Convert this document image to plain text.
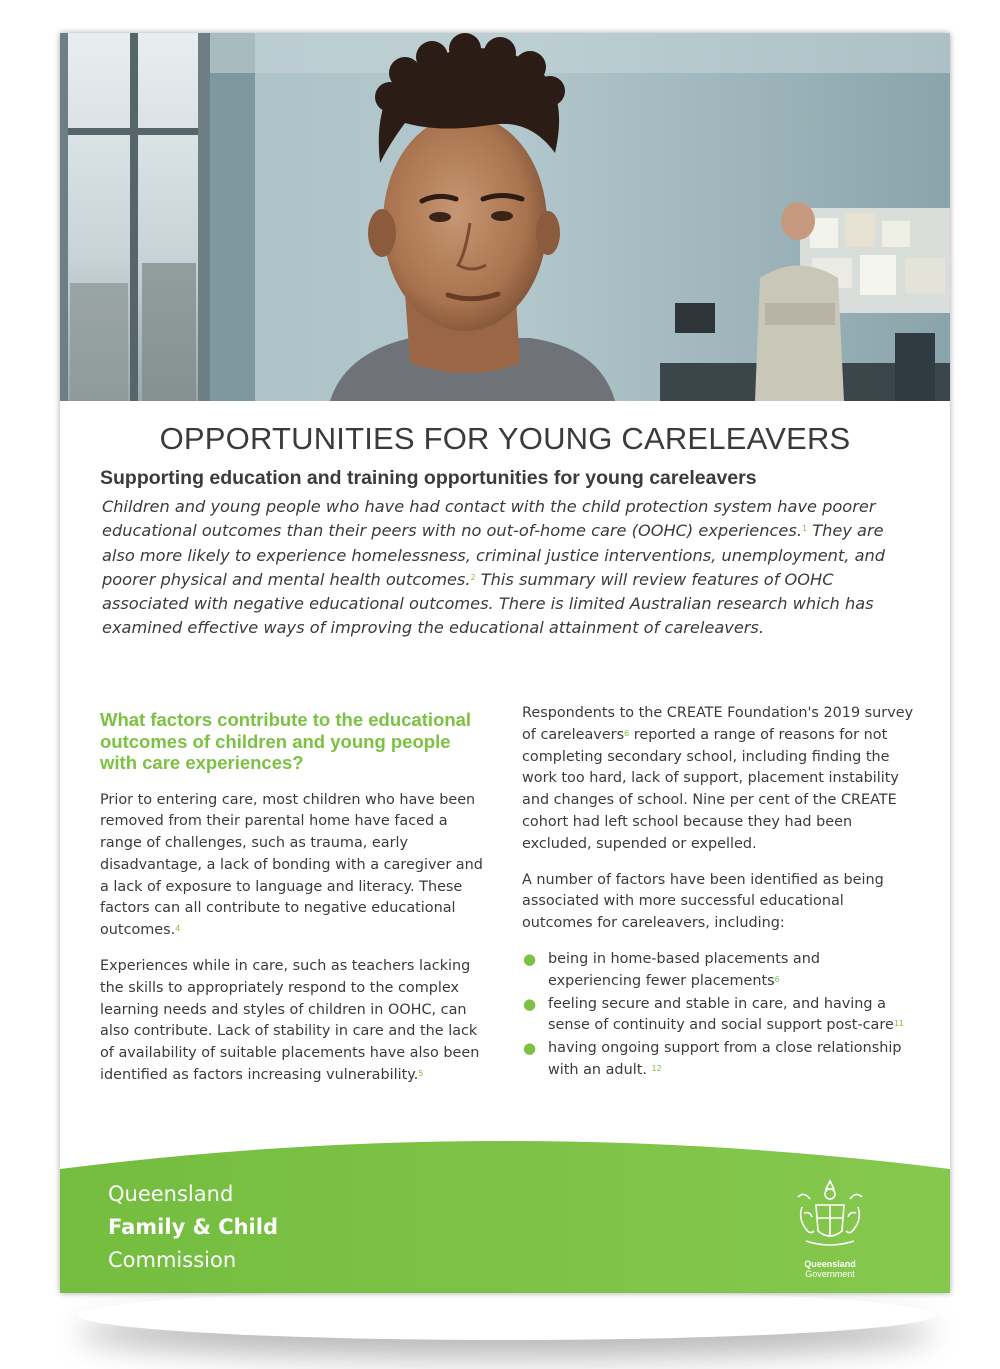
OPPORTUNITIES FOR YOUNG CARELEAVERS
Supporting education and training opportunities for young careleavers

Children and young people who have had contact with the child protection system have poorer educational outcomes than their peers with no out-of-home care (OOHC) experiences.$^1$ They are also more likely to experience homelessness, criminal justice interventions, unemployment, and poorer physical and mental health outcomes.$^2$ This summary will review features of OOHC associated with negative educational outcomes. There is limited Australian research which has examined effective ways of improving the educational attainment of careleavers.

What factors contribute to the educational outcomes of children and young people with care experiences?

Prior to entering care, most children who have been removed from their parental home have faced a range of challenges, such as trauma, early disadvantage, a lack of bonding with a caregiver and a lack of exposure to language and literacy. These factors can all contribute to negative educational outcomes.$^4$

Experiences while in care, such as teachers lacking the skills to appropriately respond to the complex learning needs and styles of children in OOHC, can also contribute. Lack of stability in care and the lack of availability of suitable placements have also been identified as factors increasing vulnerability.$^5$

Respondents to the CREATE Foundation's 2019 survey of careleavers$^6$ reported a range of reasons for not completing secondary school, including finding the work too hard, lack of support, placement instability and changes of school. Nine per cent of the CREATE cohort had left school because they had been excluded, supended or expelled.

A number of factors have been identified as being associated with more successful educational outcomes for careleavers, including:

● being in home-based placements and experiencing fewer placements$^6$
● feeling secure and stable in care, and having a sense of continuity and social support post-care$^{11}$
● having ongoing support from a close relationship with an adult. $^{12}$
Queensland
Family & Child
Commission	Queensland
Government
